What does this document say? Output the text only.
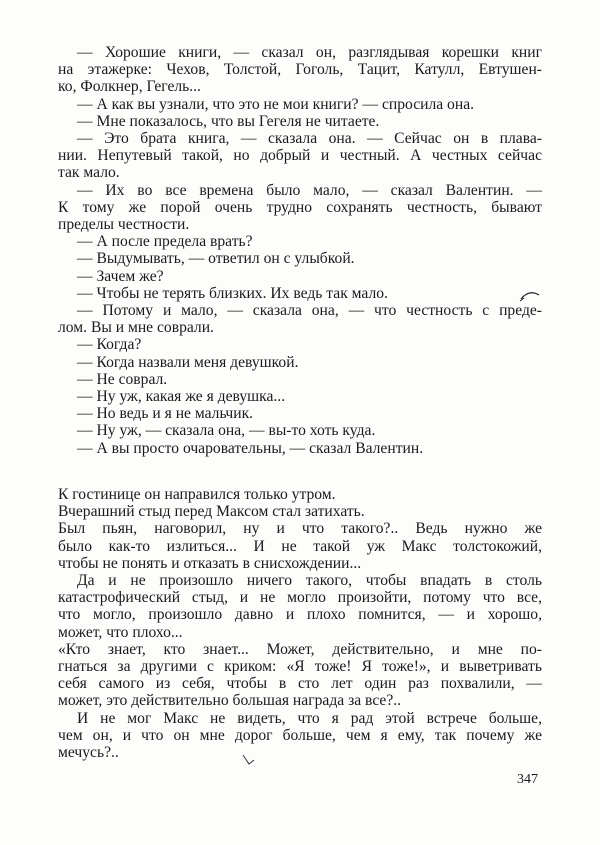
— Хорошие книги, — сказал он, разглядывая корешки книг
на этажерке: Чехов, Толстой, Гоголь, Тацит, Катулл, Евтушен-
ко, Фолкнер, Гегель...
— А как вы узнали, что это не мои книги? — спросила она.
— Мне показалось, что вы Гегеля не читаете.
— Это брата книга, — сказала она. — Сейчас он в плава-
нии. Непутевый такой, но добрый и честный. А честных сейчас
так мало.
— Их во все времена было мало, — сказал Валентин. —
К тому же порой очень трудно сохранять честность, бывают
пределы честности.
— А после предела врать?
— Выдумывать, — ответил он с улыбкой.
— Зачем же?
— Чтобы не терять близких. Их ведь так мало.
— Потому и мало, — сказала она, — что честность с преде-
лом. Вы и мне соврали.
— Когда?
— Когда назвали меня девушкой.
— Не соврал.
— Ну уж, какая же я девушка...
— Но ведь и я не мальчик.
— Ну уж, — сказала она, — вы-то хоть куда.
— А вы просто очаровательны, — сказал Валентин.
К гостинице он направился только утром.
Вчерашний стыд перед Максом стал затихать.
Был пьян, наговорил, ну и что такого?.. Ведь нужно же
было как-то излиться... И не такой уж Макс толстокожий,
чтобы не понять и отказать в снисхождении...
Да и не произошло ничего такого, чтобы впадать в столь
катастрофический стыд, и не могло произойти, потому что все,
что могло, произошло давно и плохо помнится, — и хорошо,
может, что плохо...
«Кто знает, кто знает... Может, действительно, и мне по-
гнаться за другими с криком: «Я тоже! Я тоже!», и выветривать
себя самого из себя, чтобы в сто лет один раз похвалили, —
может, это действительно большая награда за все?..
И не мог Макс не видеть, что я рад этой встрече больше,
чем он, и что он мне дорог больше, чем я ему, так почему же
мечусь?..
347
